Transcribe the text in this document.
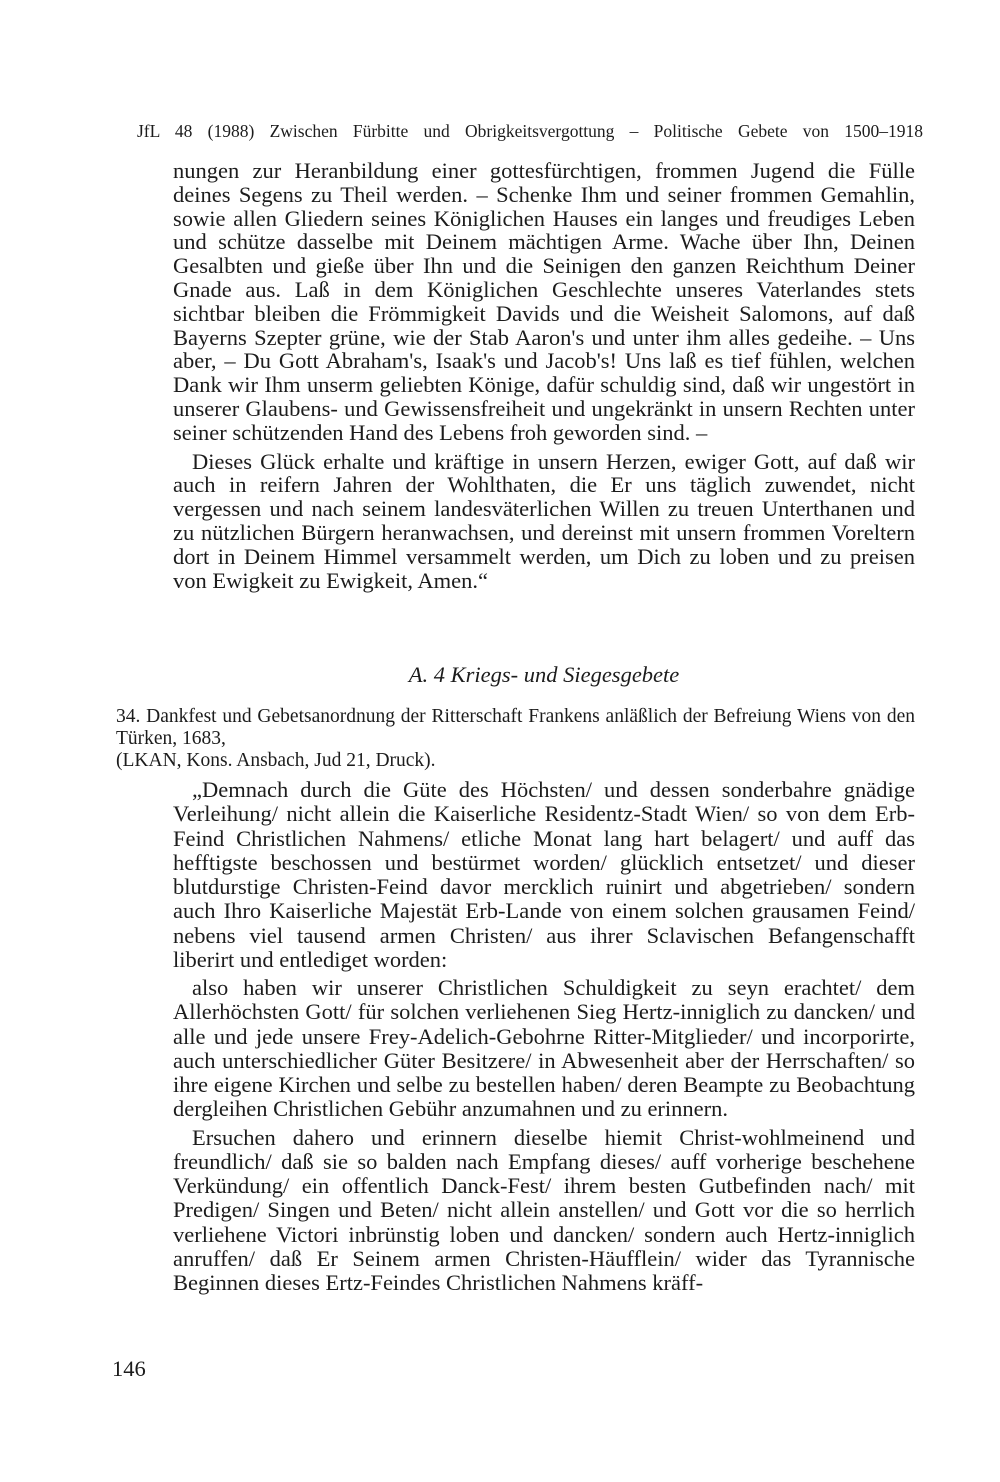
JfL 48 (1988) Zwischen Fürbitte und Obrigkeitsvergottung – Politische Gebete von 1500–1918

nungen zur Heranbildung einer gottesfürchtigen, frommen Jugend die Fülle deines Segens zu Theil werden. – Schenke Ihm und seiner frommen Gemahlin, sowie allen Gliedern seines Königlichen Hauses ein langes und freudiges Leben und schütze dasselbe mit Deinem mächtigen Arme. Wache über Ihn, Deinen Gesalbten und gieße über Ihn und die Seinigen den ganzen Reichthum Deiner Gnade aus. Laß in dem Königlichen Geschlechte unseres Vaterlandes stets sichtbar bleiben die Frömmigkeit Davids und die Weisheit Salomons, auf daß Bayerns Szepter grüne, wie der Stab Aaron's und unter ihm alles gedeihe. – Uns aber, – Du Gott Abraham's, Isaak's und Jacob's! Uns laß es tief fühlen, welchen Dank wir Ihm unserm geliebten Könige, dafür schuldig sind, daß wir ungestört in unserer Glaubens- und Gewissensfreiheit und ungekränkt in unsern Rechten unter seiner schützenden Hand des Lebens froh geworden sind. –

Dieses Glück erhalte und kräftige in unsern Herzen, ewiger Gott, auf daß wir auch in reifern Jahren der Wohlthaten, die Er uns täglich zuwendet, nicht vergessen und nach seinem landesväterlichen Willen zu treuen Unterthanen und zu nützlichen Bürgern heranwachsen, und dereinst mit unsern frommen Voreltern dort in Deinem Himmel versammelt werden, um Dich zu loben und zu preisen von Ewigkeit zu Ewigkeit, Amen.“

A. 4 Kriegs- und Siegesgebete

34. Dankfest und Gebetsanordnung der Ritterschaft Frankens anläßlich der Befreiung Wiens von den Türken, 1683,

(LKAN, Kons. Ansbach, Jud 21, Druck).

„Demnach durch die Güte des Höchsten/ und dessen sonderbahre gnädige Verleihung/ nicht allein die Kaiserliche Residentz-Stadt Wien/ so von dem Erb-Feind Christlichen Nahmens/ etliche Monat lang hart belagert/ und auff das hefftigste beschossen und bestürmet worden/ glücklich entsetzet/ und dieser blutdurstige Christen-Feind davor mercklich ruinirt und abgetrieben/ sondern auch Ihro Kaiserliche Majestät Erb-Lande von einem solchen grausamen Feind/ nebens viel tausend armen Christen/ aus ihrer Sclavischen Befangenschafft liberirt und entlediget worden:

also haben wir unserer Christlichen Schuldigkeit zu seyn erachtet/ dem Allerhöchsten Gott/ für solchen verliehenen Sieg Hertz-inniglich zu dancken/ und alle und jede unsere Frey-Adelich-Gebohrne Ritter-Mitglieder/ und incorporirte, auch unterschiedlicher Güter Besitzere/ in Abwesenheit aber der Herrschaften/ so ihre eigene Kirchen und selbe zu bestellen haben/ deren Beampte zu Beobachtung dergleihen Christlichen Gebühr anzumahnen und zu erinnern.

Ersuchen dahero und erinnern dieselbe hiemit Christ-wohlmeinend und freundlich/ daß sie so balden nach Empfang dieses/ auff vorherige beschehene Verkündung/ ein offentlich Danck-Fest/ ihrem besten Gutbefinden nach/ mit Predigen/ Singen und Beten/ nicht allein anstellen/ und Gott vor die so herrlich verliehene Victori inbrünstig loben und dancken/ sondern auch Hertz-inniglich anruffen/ daß Er Seinem armen Christen-Häufflein/ wider das Tyrannische Beginnen dieses Ertz-Feindes Christlichen Nahmens kräff-

146
